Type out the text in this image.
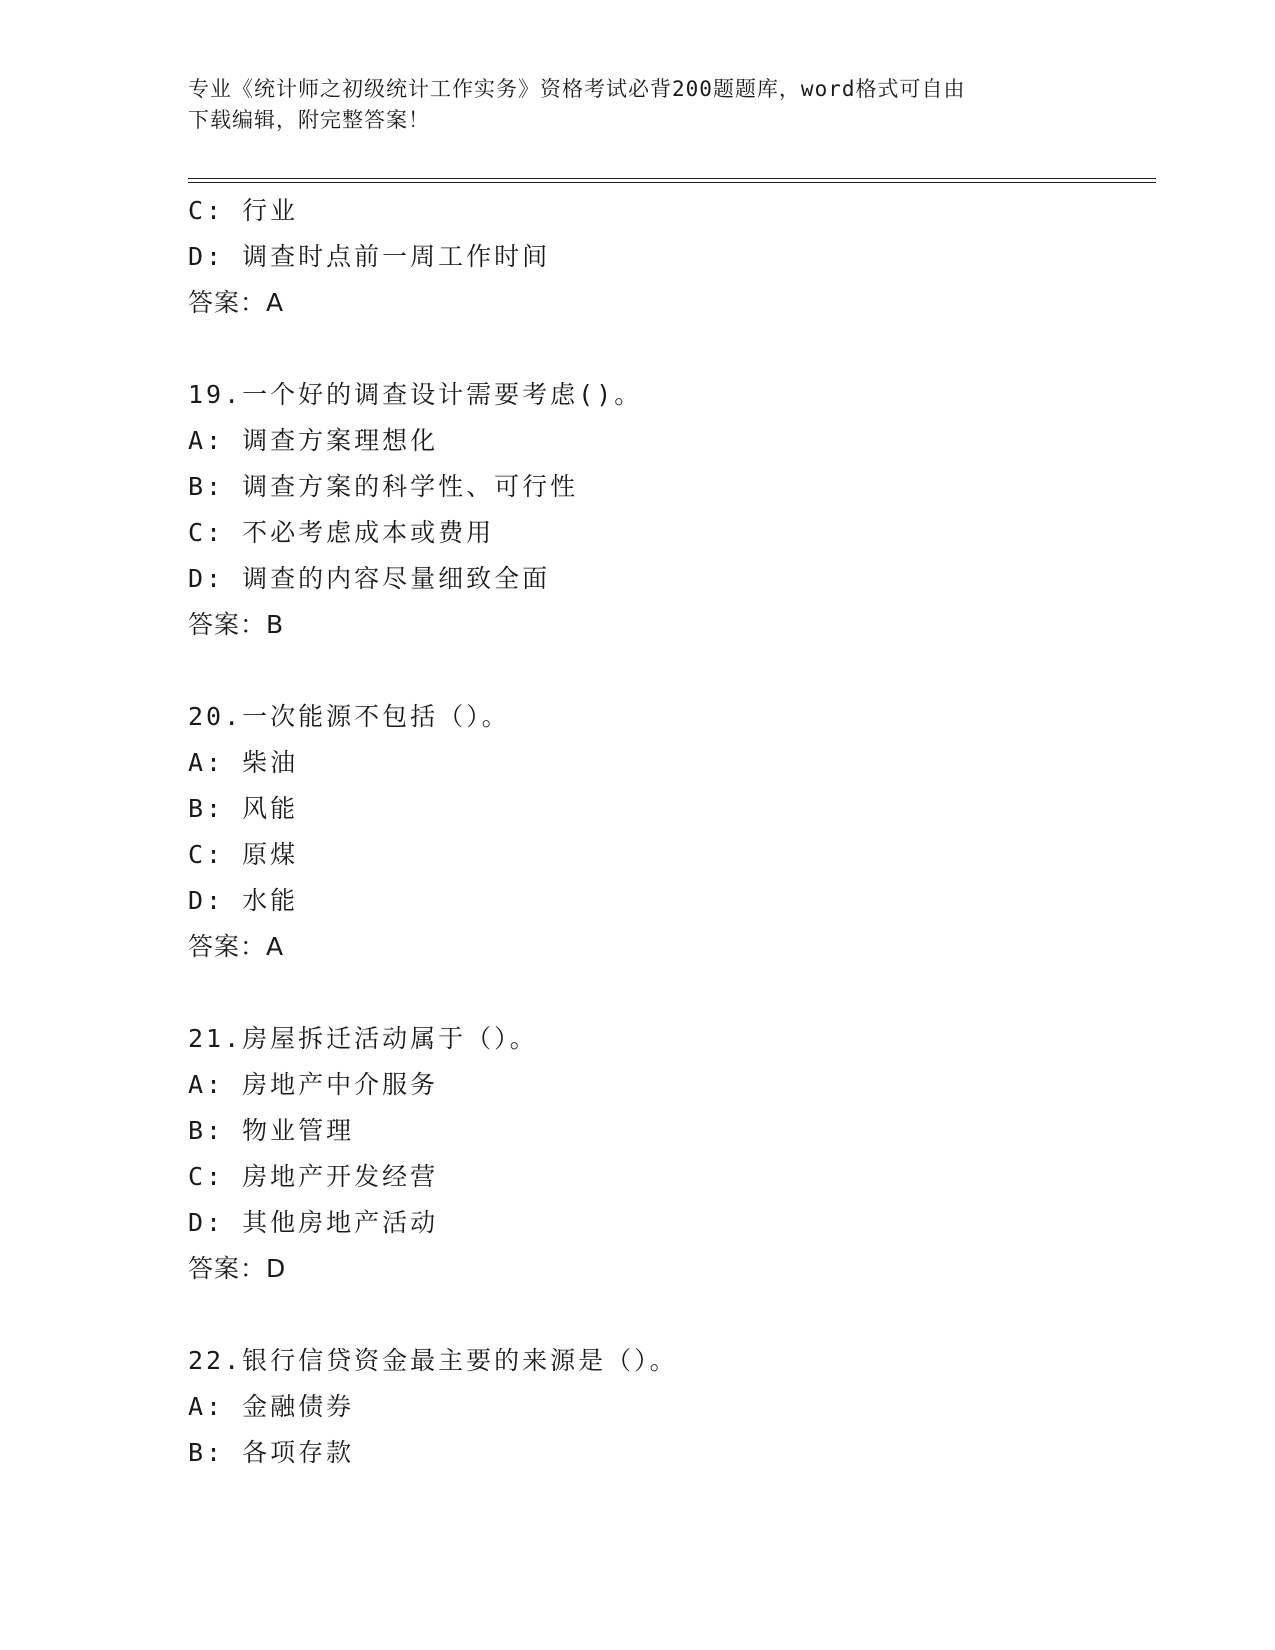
专业《统计师之初级统计工作实务》资格考试必背200题题库，word格式可自由
下载编辑，附完整答案！
C: 行业
D: 调查时点前一周工作时间
答案：A
19.一个好的调查设计需要考虑()。
A: 调查方案理想化
B: 调查方案的科学性、可行性
C: 不必考虑成本或费用
D: 调查的内容尽量细致全面
答案：B
20.一次能源不包括（）。
A: 柴油
B: 风能
C: 原煤
D: 水能
答案：A
21.房屋拆迁活动属于（）。
A: 房地产中介服务
B: 物业管理
C: 房地产开发经营
D: 其他房地产活动
答案：D
22.银行信贷资金最主要的来源是（）。
A: 金融债券
B: 各项存款
